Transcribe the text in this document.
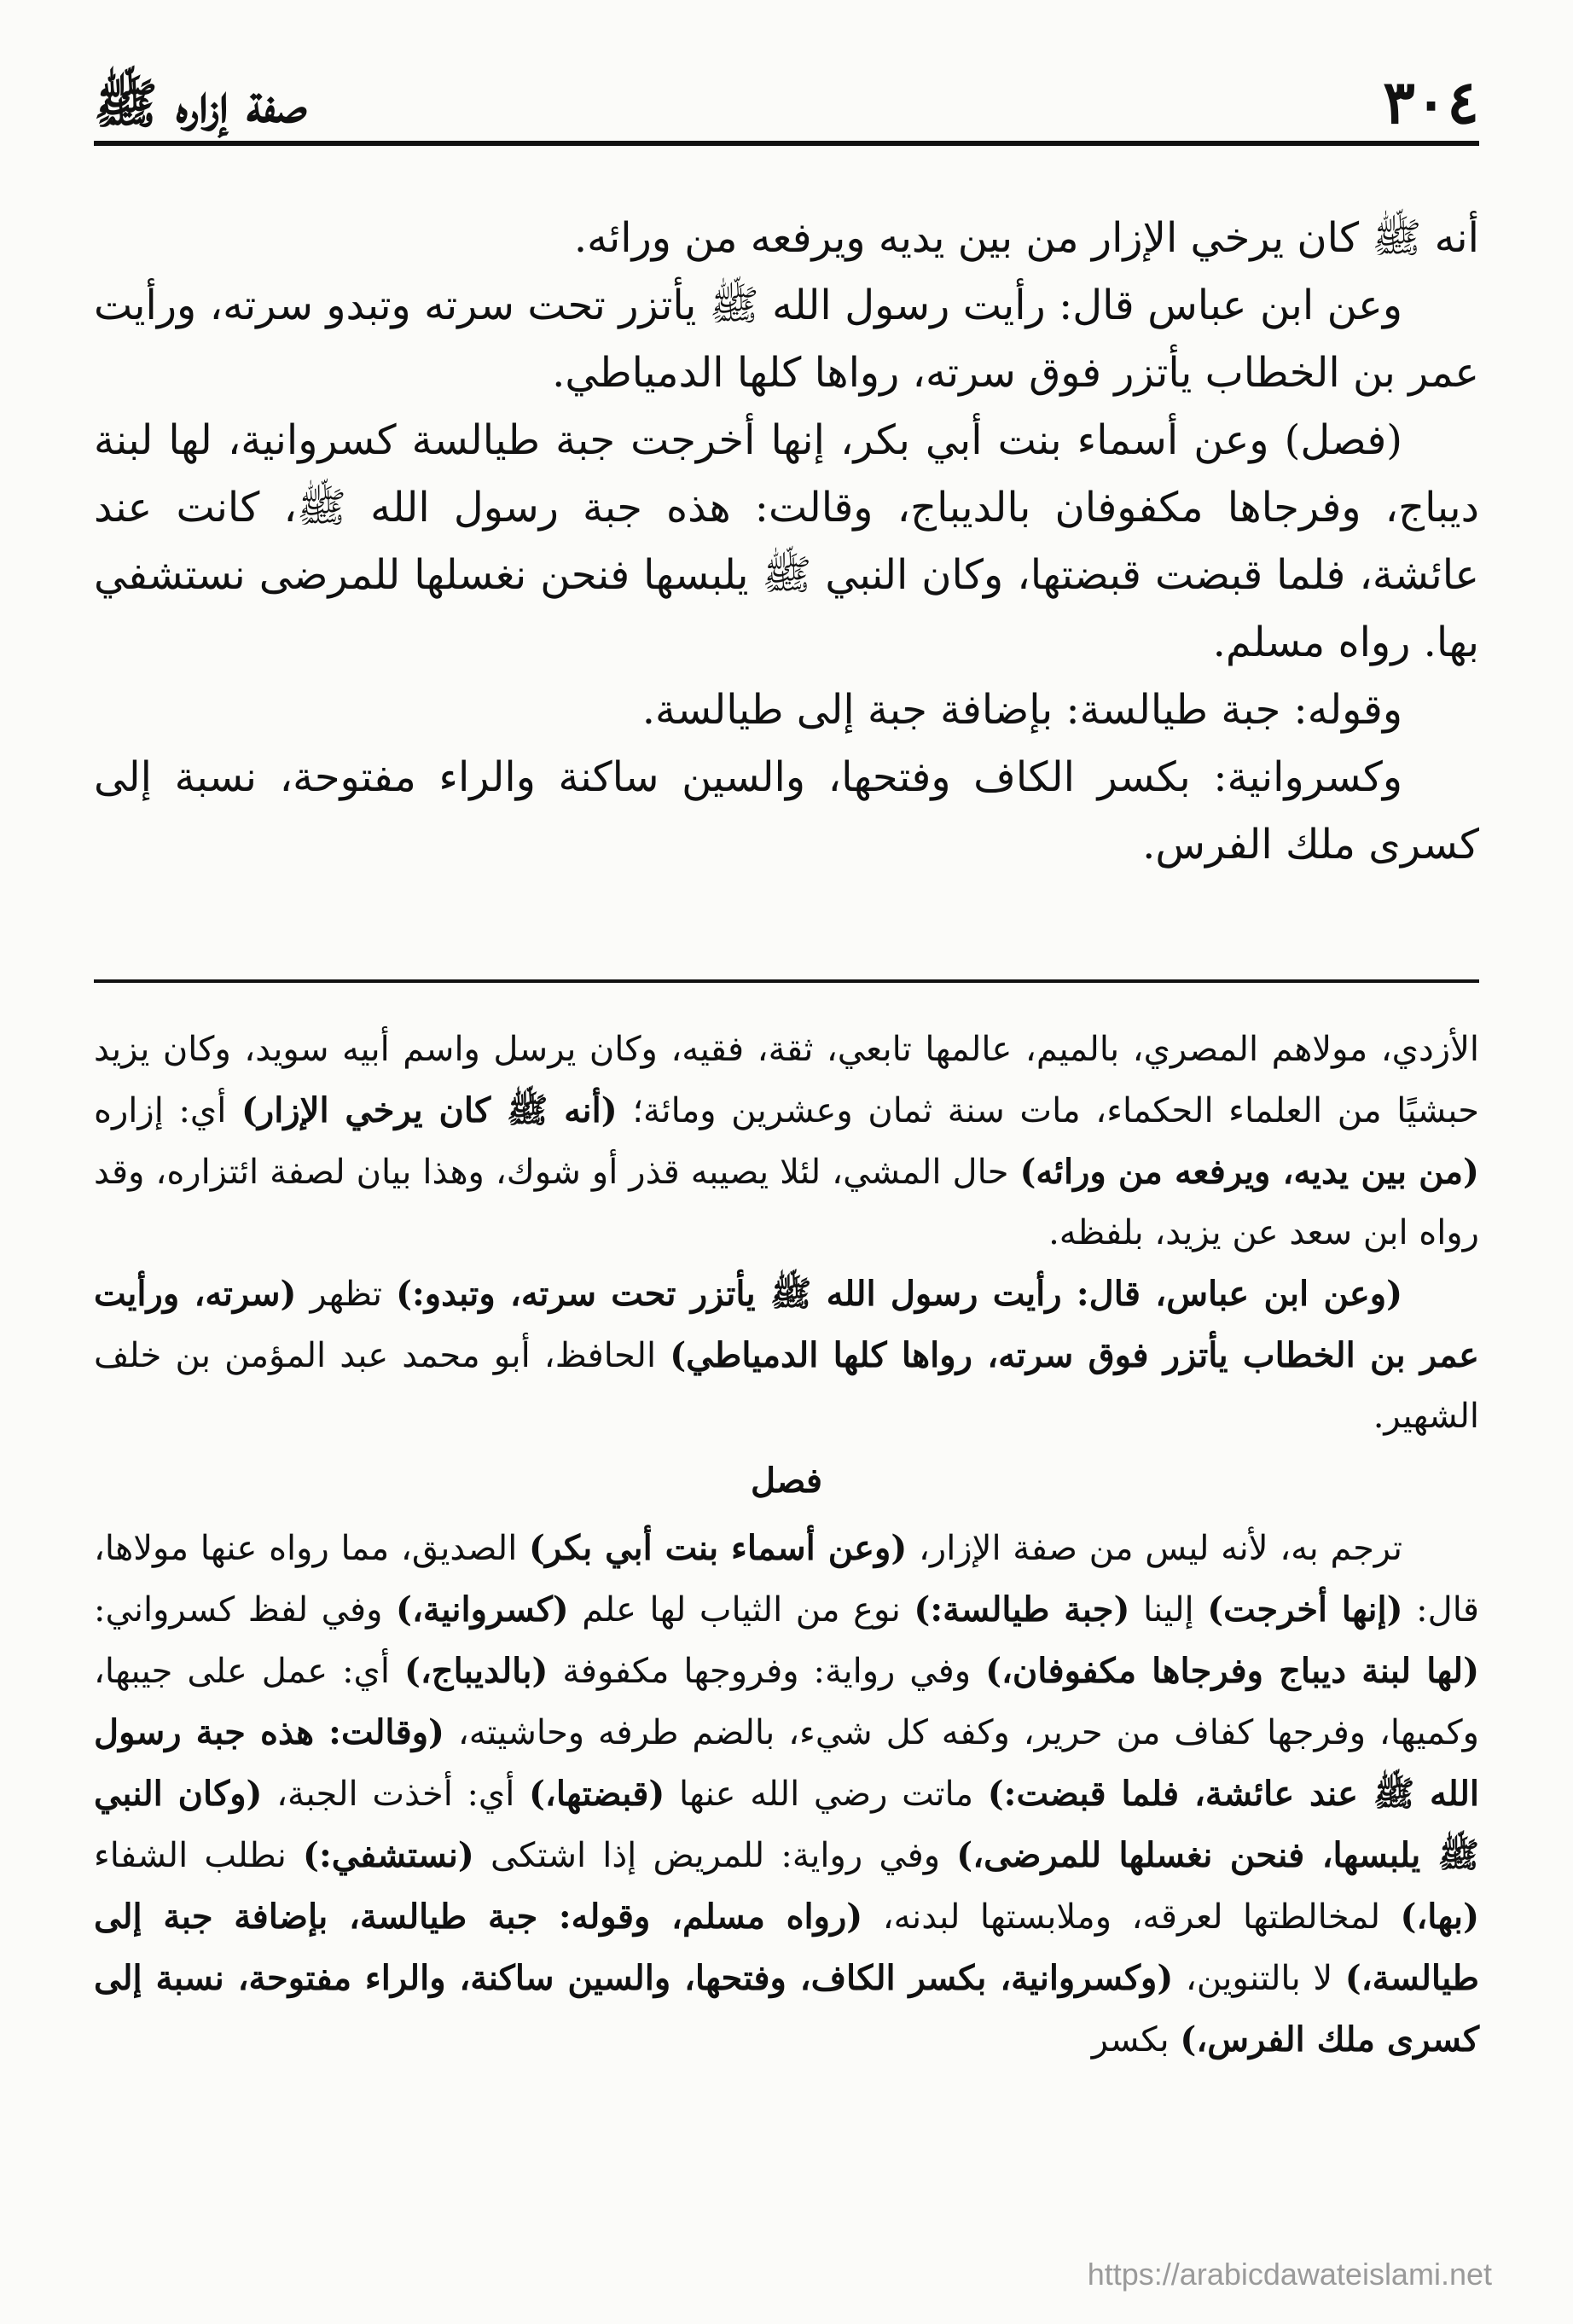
٣٠٤
صفة إزاره ﷺ

أنه ﷺ كان يرخي الإزار من بين يديه ويرفعه من ورائه.

وعن ابن عباس قال: رأيت رسول الله ﷺ يأتزر تحت سرته وتبدو سرته، ورأيت عمر بن الخطاب يأتزر فوق سرته، رواها كلها الدمياطي.

(فصل) وعن أسماء بنت أبي بكر، إنها أخرجت جبة طيالسة كسروانية، لها لبنة ديباج، وفرجاها مكفوفان بالديباج، وقالت: هذه جبة رسول الله ﷺ، كانت عند عائشة، فلما قبضت قبضتها، وكان النبي ﷺ يلبسها فنحن نغسلها للمرضى نستشفي بها. رواه مسلم.

وقوله: جبة طيالسة: بإضافة جبة إلى طيالسة.

وكسروانية: بكسر الكاف وفتحها، والسين ساكنة والراء مفتوحة، نسبة إلى كسرى ملك الفرس.

الأزدي، مولاهم المصري، بالميم، عالمها تابعي، ثقة، فقيه، وكان يرسل واسم أبيه سويد، وكان يزيد حبشيًا من العلماء الحكماء، مات سنة ثمان وعشرين ومائة؛ (أنه ﷺ كان يرخي الإزار) أي: إزاره (من بين يديه، ويرفعه من ورائه) حال المشي، لئلا يصيبه قذر أو شوك، وهذا بيان لصفة ائتزاره، وقد رواه ابن سعد عن يزيد، بلفظه.

(وعن ابن عباس، قال: رأيت رسول الله ﷺ يأتزر تحت سرته، وتبدو:) تظهر (سرته، ورأيت عمر بن الخطاب يأتزر فوق سرته، رواها كلها الدمياطي) الحافظ، أبو محمد عبد المؤمن بن خلف الشهير.

فصل

ترجم به، لأنه ليس من صفة الإزار، (وعن أسماء بنت أبي بكر) الصديق، مما رواه عنها مولاها، قال: (إنها أخرجت) إلينا (جبة طيالسة:) نوع من الثياب لها علم (كسروانية،) وفي لفظ كسرواني: (لها لبنة ديباج وفرجاها مكفوفان،) وفي رواية: وفروجها مكفوفة (بالديباج،) أي: عمل على جيبها، وكميها، وفرجها كفاف من حرير، وكفه كل شيء، بالضم طرفه وحاشيته، (وقالت: هذه جبة رسول الله ﷺ عند عائشة، فلما قبضت:) ماتت رضي الله عنها (قبضتها،) أي: أخذت الجبة، (وكان النبي ﷺ يلبسها، فنحن نغسلها للمرضى،) وفي رواية: للمريض إذا اشتكى (نستشفي:) نطلب الشفاء (بها،) لمخالطتها لعرقه، وملابستها لبدنه، (رواه مسلم، وقوله: جبة طيالسة، بإضافة جبة إلى طيالسة،) لا بالتنوين، (وكسروانية، بكسر الكاف، وفتحها، والسين ساكنة، والراء مفتوحة، نسبة إلى كسرى ملك الفرس،) بكسر

https://arabicdawateislami.net
